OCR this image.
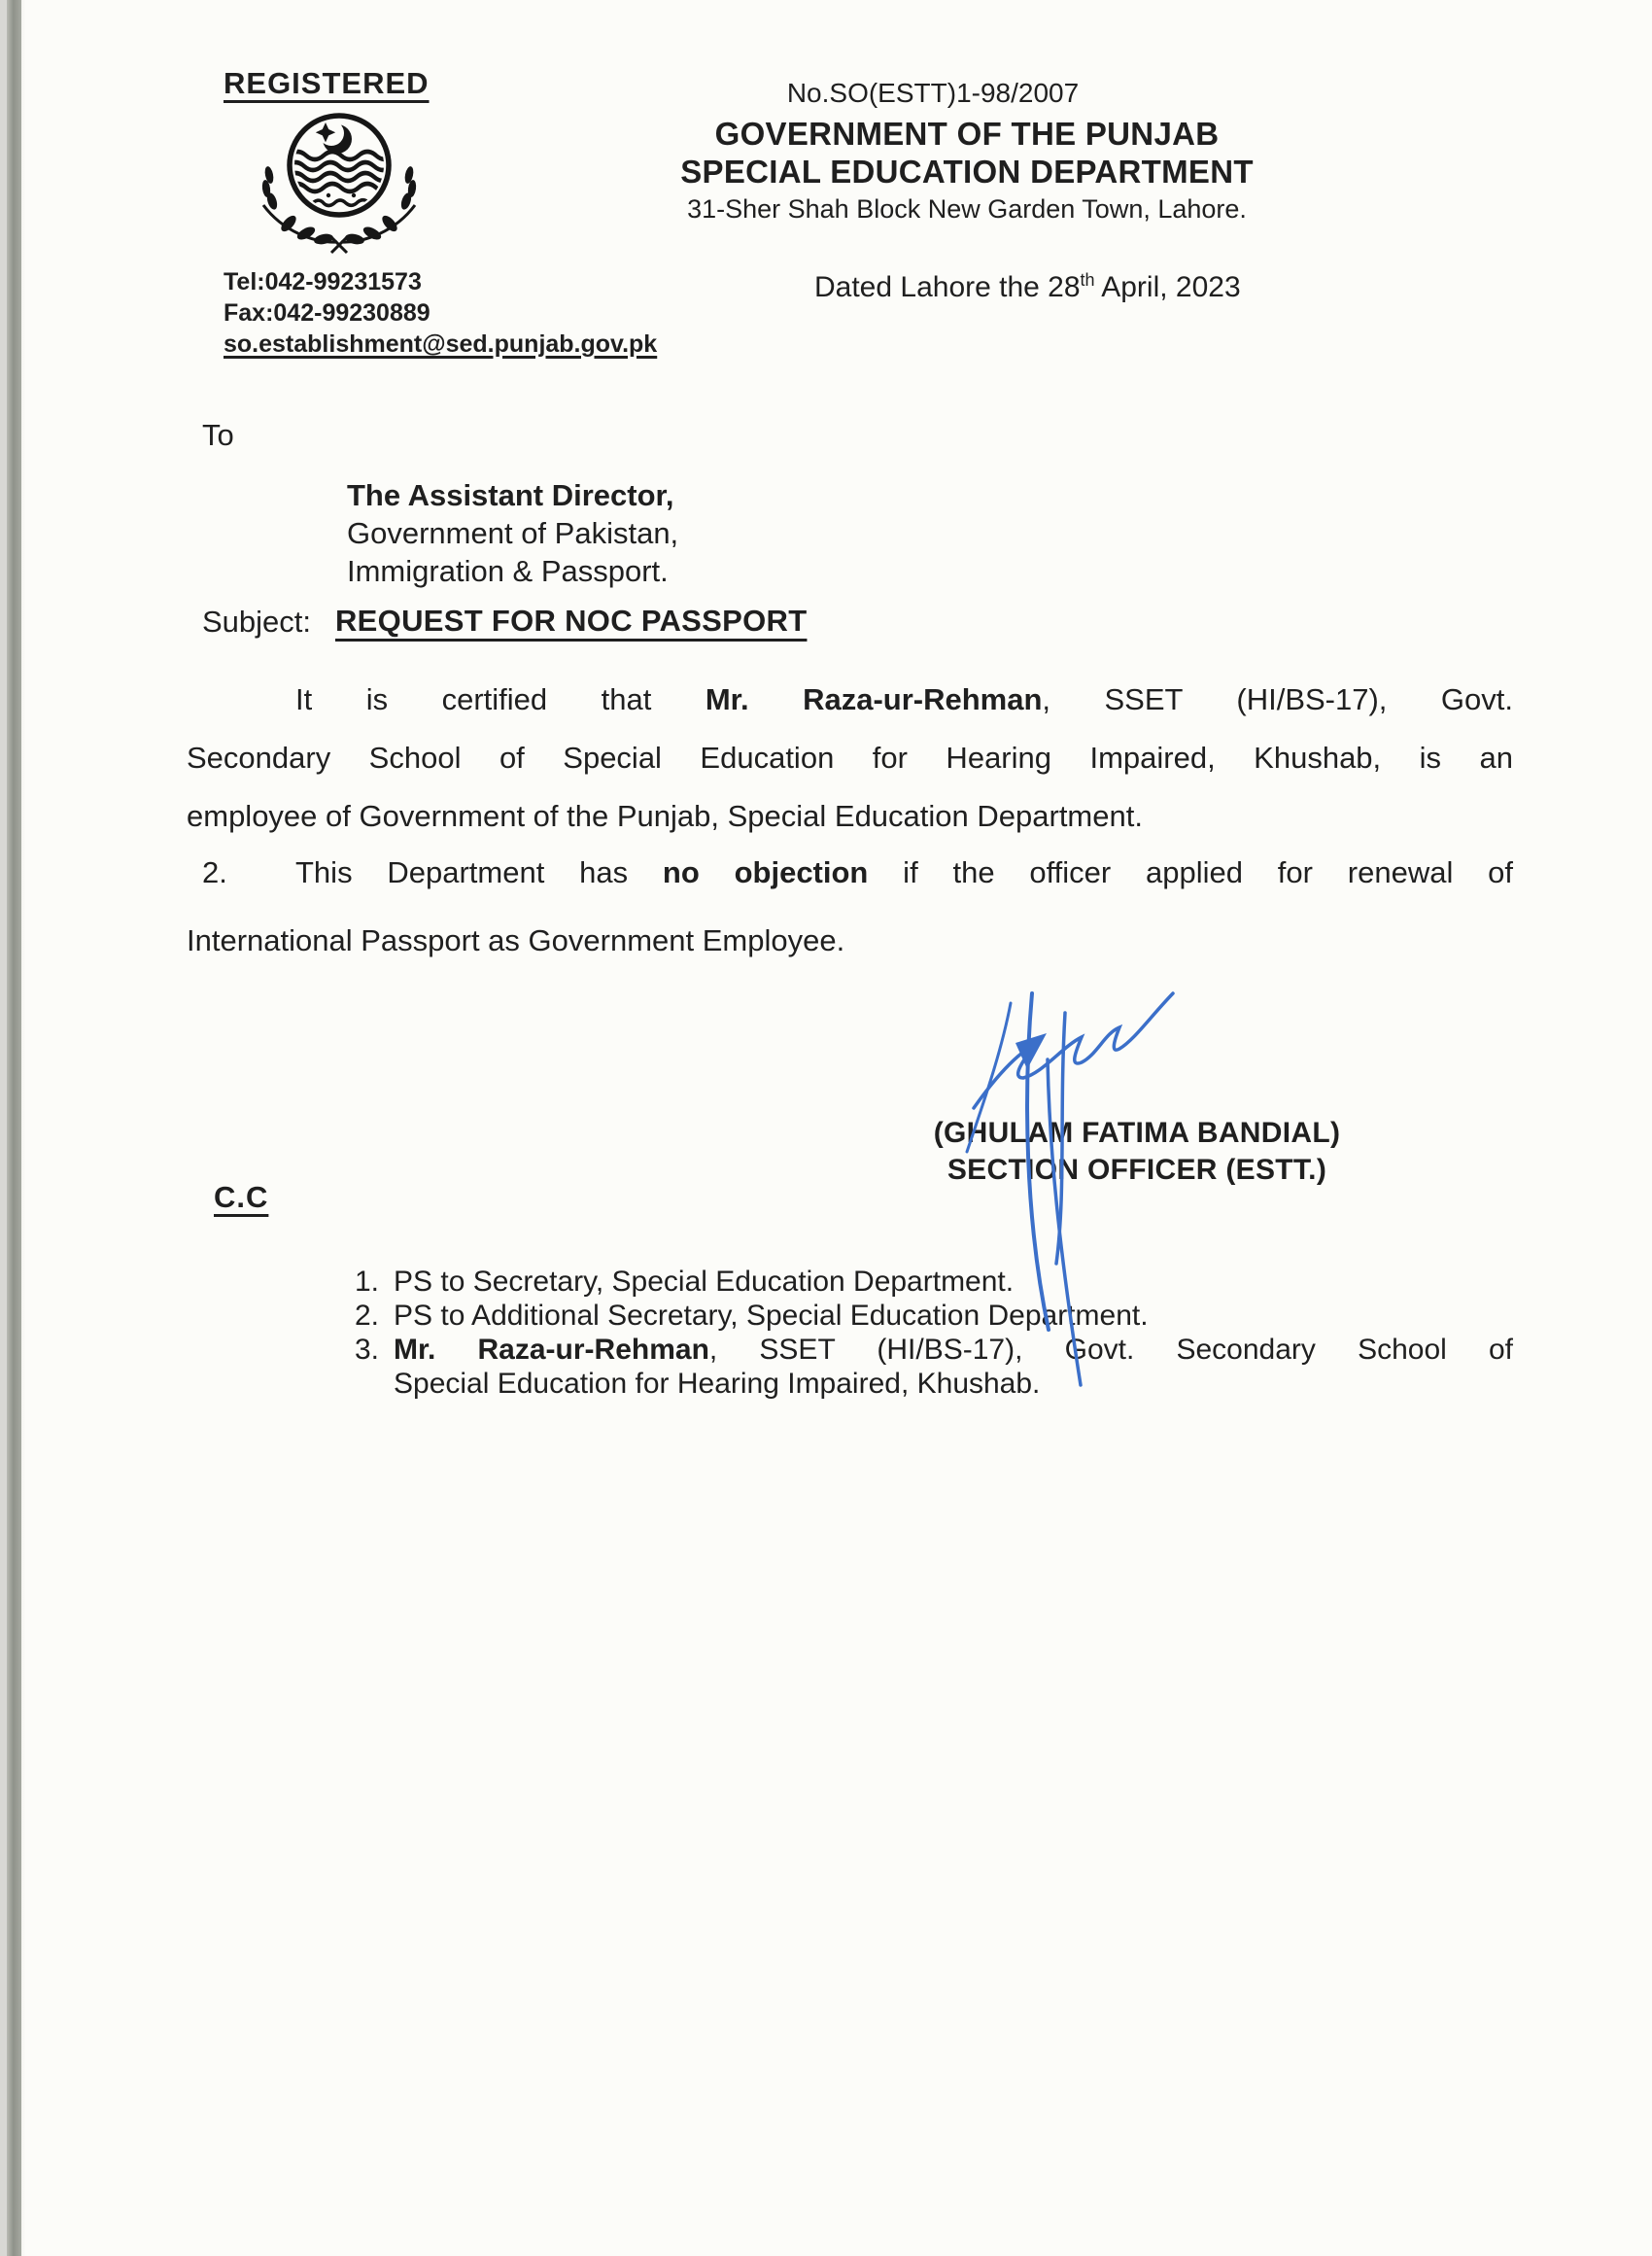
REGISTERED
Tel:042-99231573
Fax:042-99230889
so.establishment@sed.punjab.gov.pk
No.SO(ESTT)1-98/2007
GOVERNMENT OF THE PUNJAB
SPECIAL EDUCATION DEPARTMENT
31-Sher Shah Block New Garden Town, Lahore.
Dated Lahore the 28th April, 2023
To
The Assistant Director,
Government of Pakistan,
Immigration & Passport.
Subject: REQUEST FOR NOC PASSPORT
It is certified that Mr. Raza-ur-Rehman, SSET (HI/BS-17), Govt.
Secondary School of Special Education for Hearing Impaired, Khushab, is an
employee of Government of the Punjab, Special Education Department.
2.	This Department has no objection if the officer applied for renewal of
International Passport as Government Employee.
(GHULAM FATIMA BANDIAL)
SECTION OFFICER (ESTT.)
C.C
1. PS to Secretary, Special Education Department.
2. PS to Additional Secretary, Special Education Department.
3. Mr. Raza-ur-Rehman, SSET (HI/BS-17), Govt. Secondary School of
Special Education for Hearing Impaired, Khushab.
